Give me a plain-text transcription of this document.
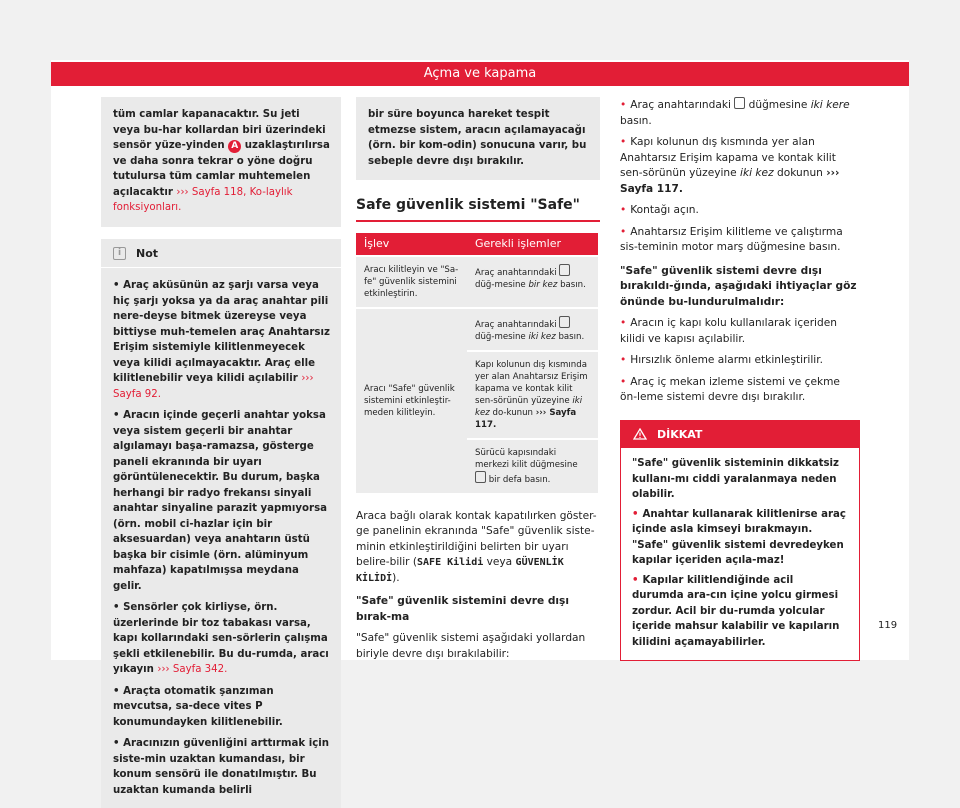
Açma ve kapama
tüm camlar kapanacaktır. Su jeti veya bu-har kollardan biri üzerindeki sensör yüze-yinden A uzaklaştırılırsa ve daha sonra tekrar o yöne doğru tutulursa tüm camlar muhtemelen açılacaktır ››› Sayfa 118, Ko-laylık fonksiyonları.
i	Not
• Araç aküsünün az şarjı varsa veya hiç şarjı yoksa ya da araç anahtar pili nere-deyse bitmek üzereyse veya bittiyse muh-temelen araç Anahtarsız Erişim sistemiyle kilitlenmeyecek veya kilidi açılmayacaktır. Araç elle kilitlenebilir veya kilidi açılabilir ››› Sayfa 92.
• Aracın içinde geçerli anahtar yoksa veya sistem geçerli bir anahtar algılamayı başa-ramazsa, gösterge paneli ekranında bir uyarı görüntülenecektir. Bu durum, başka herhangi bir radyo frekansı sinyali anahtar sinyaline parazit yapmıyorsa (örn. mobil ci-hazlar için bir aksesuardan) veya anahtarın üstü başka bir cisimle (örn. alüminyum mahfaza) kapatılmışsa meydana gelir.
• Sensörler çok kirliyse, örn. üzerlerinde bir toz tabakası varsa, kapı kollarındaki sen-sörlerin çalışma şekli etkilenebilir. Bu du-rumda, aracı yıkayın ››› Sayfa 342.
• Araçta otomatik şanzıman mevcutsa, sa-dece vites P konumundayken kilitlenebilir.
• Aracınızın güvenliğini arttırmak için siste-min uzaktan kumandası, bir konum sensörü ile donatılmıştır. Bu uzaktan kumanda belirli
bir süre boyunca hareket tespit etmezse sistem, aracın açılamayacağı (örn. bir kom-odin) sonucuna varır, bu sebeple devre dışı bırakılır.
Safe güvenlik sistemi "Safe"
İşlev	Gerekli işlemler
Aracı kilitleyin ve "Sa-fe" güvenlik sistemini etkinleştirin.	Araç anahtarındaki  düğ-mesine bir kez basın.
Aracı "Safe" güvenlik sistemini etkinleştir-meden kilitleyin.	Araç anahtarındaki  düğ-mesine iki kez basın.
	Kapı kolunun dış kısmında yer alan Anahtarsız Erişim kapama ve kontak kilit sen-sörünün yüzeyine iki kez do-kunun ››› Sayfa 117.
	Sürücü kapısındaki merkezi kilit düğmesine  bir defa basın.

Araca bağlı olarak kontak kapatılırken göster-ge panelinin ekranında "Safe" güvenlik siste-minin etkinleştirildiğini belirten bir uyarı belire-bilir (SAFE Kilidi veya GÜVENLİK KİLİDİ).

"Safe" güvenlik sistemini devre dışı bırak-ma

"Safe" güvenlik sistemi aşağıdaki yollardan biriyle devre dışı bırakılabilir:

• Araç anahtarındaki  düğmesine iki kere basın.
• Kapı kolunun dış kısmında yer alan Anahtarsız Erişim kapama ve kontak kilit sen-sörünün yüzeyine iki kez dokunun ››› Sayfa 117.
• Kontağı açın.
• Anahtarsız Erişim kilitleme ve çalıştırma sis-teminin motor marş düğmesine basın.

"Safe" güvenlik sistemi devre dışı bırakıldı-ğında, aşağıdaki ihtiyaçlar göz önünde bu-lundurulmalıdır:

• Aracın iç kapı kolu kullanılarak içeriden kilidi ve kapısı açılabilir.
• Hırsızlık önleme alarmı etkinleştirilir.
• Araç iç mekan izleme sistemi ve çekme ön-leme sistemi devre dışı bırakılır.
DİKKAT
"Safe" güvenlik sisteminin dikkatsiz kullanı-mı ciddi yaralanmaya neden olabilir.
• Anahtar kullanarak kilitlenirse araç içinde asla kimseyi bırakmayın. "Safe" güvenlik sistemi devredeyken kapılar içeriden açıla-maz!
• Kapılar kilitlendiğinde acil durumda ara-cın içine yolcu girmesi zordur. Acil bir du-rumda yolcular içeride mahsur kalabilir ve kapıların kilidini açamayabilirler.
119
